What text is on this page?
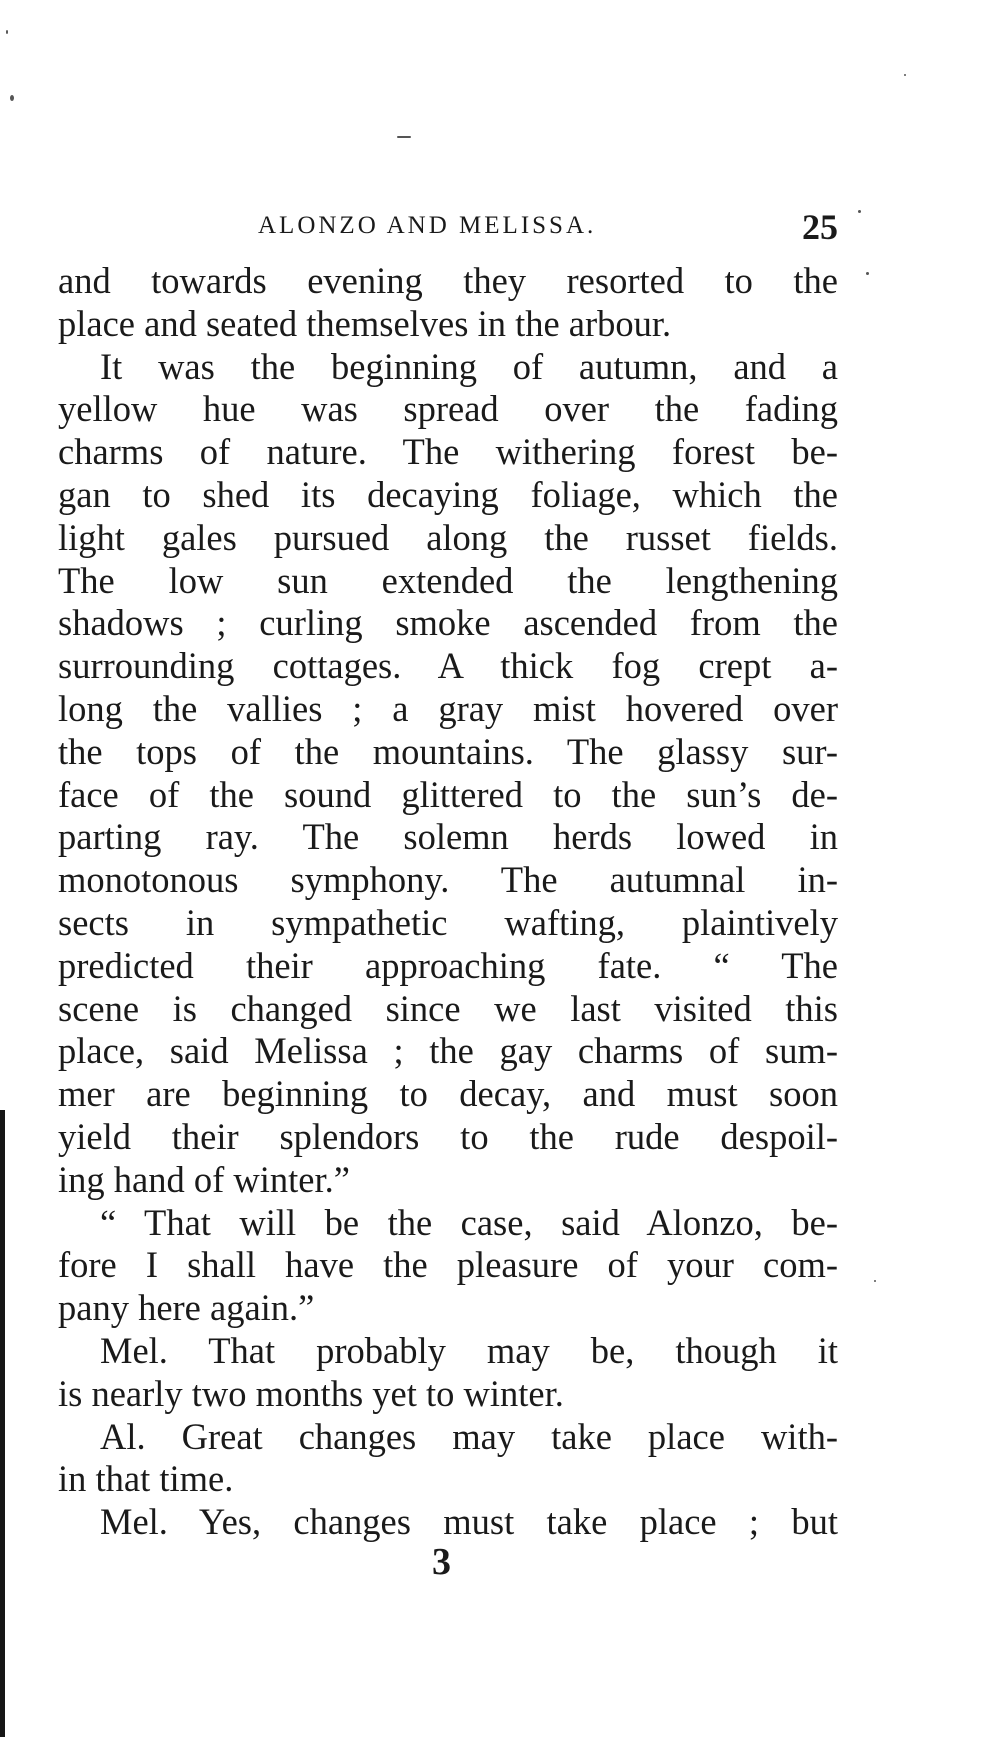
ALONZO AND MELISSA.	25
and towards evening they resorted to the
place and seated themselves in the arbour.
It was the beginning of autumn, and a
yellow hue was spread over the fading
charms of nature. The withering forest be-
gan to shed its decaying foliage, which the
light gales pursued along the russet fields.
The low sun extended the lengthening
shadows ; curling smoke ascended from the
surrounding cottages. A thick fog crept a-
long the vallies ; a gray mist hovered over
the tops of the mountains. The glassy sur-
face of the sound glittered to the sun’s de-
parting ray. The solemn herds lowed in
monotonous symphony. The autumnal in-
sects in sympathetic wafting, plaintively
predicted their approaching fate. “ The
scene is changed since we last visited this
place, said Melissa ; the gay charms of sum-
mer are beginning to decay, and must soon
yield their splendors to the rude despoil-
ing hand of winter.”
“ That will be the case, said Alonzo, be-
fore I shall have the pleasure of your com-
pany here again.”
Mel. That probably may be, though it
is nearly two months yet to winter.
Al. Great changes may take place with-
in that time.
Mel. Yes, changes must take place ; but
3
